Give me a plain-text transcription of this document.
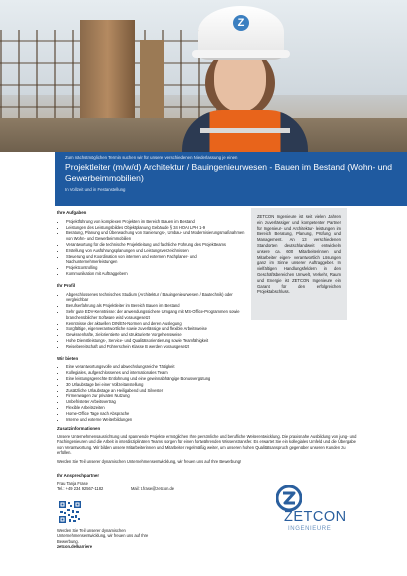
Z
Zum nächstmöglichen Termin suchen wir für unsere verschiedenen Niederlassung je einen
Projektleiter (m/w/d) Architektur / Bauingenieurwesen - Bauen im Bestand (Wohn- und Gewerbeimmobilien)
In Vollzeit und in Festanstellung
Ihre Aufgaben
• Projektführung von komplexen Projekten im Bereich Bauen im Bestand
• Leistungen des Leistungsbildes Objektplanung Gebäude § 34 HOAI LPH 1-9
• Beratung, Planung und Überwachung von Sanierungs-, Umbau- und Modernisierungsmaßnahmen von Wohn- und Gewerbeimmobilien
• Verantwortung für die technische Projektleitung und fachliche Führung des Projektteams
• Erstellung von Ausführungsplanungen und Leistungsverzeichnissen
• Steuerung und Koordination von internen und externen Fachplaner- und Nachunternehmerleistungen
• Projektcontrolling
• Kommunikation mit Auftraggebern
Ihr Profil
• Abgeschlossenes technisches Studium (Architektur / Bauingenieurwesen / Bautechnik) oder vergleichbar
• Berufserfahrung als Projektleiter im Bereich Bauen im Bestand
• Sehr gute EDV-Kenntnisse: der anwendungssichere Umgang mit MS-Office-Programmen sowie branchenüblicher Software wird vorausgesetzt
• Kenntnisse der aktuellen DIN/EN-Normen und deren Auslegung
• Sorgfältige, eigenverantwortliche sowie zuverlässige und flexible Arbeitsweise
• Gewissenhafte, zielorientierte und strukturierte Vorgehensweise
• Hohe Dienstleistungs-, Service- und Qualitätsorientierung sowie Teamfähigkeit
• Reisebereitschaft und Führerschein Klasse B werden vorausgesetzt
Wir bieten
• Eine verantwortungsvolle und abwechslungsreiche Tätigkeit
• Kollegiales, aufgeschlossenes und internationales Team
• Eine leistungsgerechte Entlohnung und eine gewinnabhängige Bonusvergütung
• 30 Urlaubstage bei einer Vollzeitanstellung
• Zusätzliche Urlaubstage an Heiligabend und Silvester
• Firmenwagen zur privaten Nutzung
• Unbefristeter Arbeitsvertrag
• Flexible Arbeitszeiten
• Home-Office Tage nach Absprache
• Interne und externe Weiterbildungen
ZETCON Ingenieure ist seit vielen Jahren ein zuverlässiger und kompetenter Partner für Ingenieur- und Architektur- leistungen im Bereich Beratung, Planung, Prüfung und Management. An 13 verschiedenen Standorten deutschlandweit entwickeln unsere ca. 600 Mitarbeiterinnen und Mitarbeiter eigen- verantwortlich Lösungen ganz im Sinne unserer Auftraggeber. In vielfältigen Handlungsfeldern in den Geschäftsbereichen Umwelt, Verkehr, Raum und Energie ist ZETCON Ingenieure ein Garant für den erfolgreichen Projektabschluss.
Zusatzinformationen

Unsere Unternehmensausrichtung und spannende Projekte ermöglichen Ihre persönliche und berufliche Weiterentwicklung. Die praxisnahe Ausbildung von jung- und Fachingenieuren und die Arbeit in interdisziplinären Teams sorgen für einen fortwährenden Wissenstransfer. Es erwartet Sie ein kollegiales Umfeld und die Übergabe von Verantwortung. Wir bilden unsere Mitarbeiterinnen und Mitarbeiter regelmäßig weiter, um unseren hohen Qualitätsanspruch gegenüber unseren Kunden zu erfüllen.

Werden Sie Teil unserer dynamischen Unternehmensentwicklung, wir freuen uns auf Ihre Bewerbung!

Ihr Ansprechpartner

Frau Tanja Frase

Tel.: +49 234 92567-1182	Mail: t.frase@zetcon.de
Werden Sie Teil unserer dynamischen Unternehmensentwicklung, wir freuen uns auf Ihre Bewerbung.
zetcon.de/karriere
ZETCON
INGENIEURE
